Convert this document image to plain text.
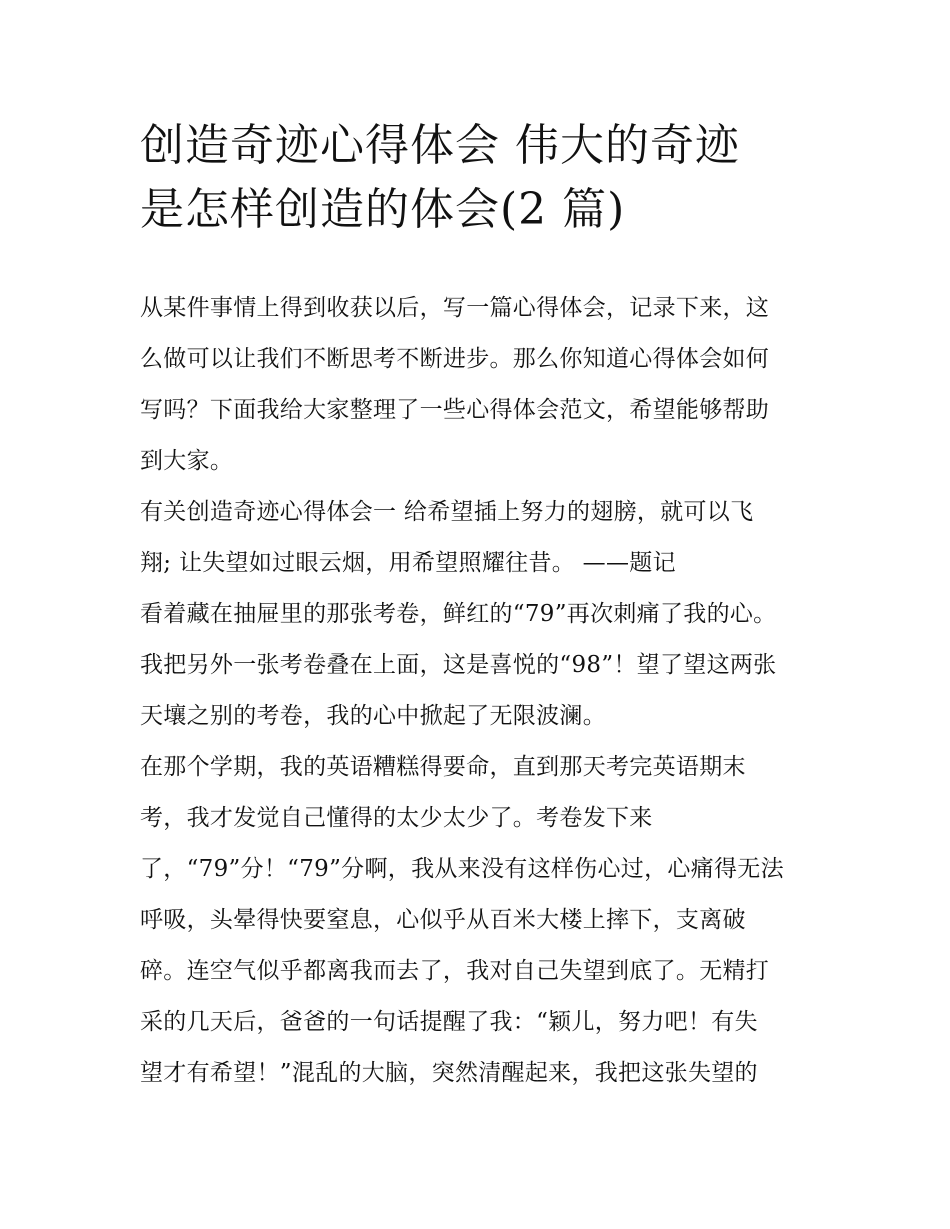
创造奇迹心得体会 伟大的奇迹
是怎样创造的体会(2 篇)
从某件事情上得到收获以后，写一篇心得体会，记录下来，这
么做可以让我们不断思考不断进步。那么你知道心得体会如何
写吗？下面我给大家整理了一些心得体会范文，希望能够帮助
到大家。
有关创造奇迹心得体会一 给希望插上努力的翅膀，就可以飞
翔; 让失望如过眼云烟，用希望照耀往昔。 ——题记
看着藏在抽屉里的那张考卷，鲜红的“79”再次刺痛了我的心。
我把另外一张考卷叠在上面，这是喜悦的“98”！望了望这两张
天壤之别的考卷，我的心中掀起了无限波澜。
在那个学期，我的英语糟糕得要命，直到那天考完英语期末
考，我才发觉自己懂得的太少太少了。考卷发下来
了，“79”分！“79”分啊，我从来没有这样伤心过，心痛得无法
呼吸，头晕得快要窒息，心似乎从百米大楼上摔下，支离破
碎。连空气似乎都离我而去了，我对自己失望到底了。无精打
采的几天后，爸爸的一句话提醒了我：“颖儿，努力吧！有失
望才有希望！”混乱的大脑，突然清醒起来，我把这张失望的
